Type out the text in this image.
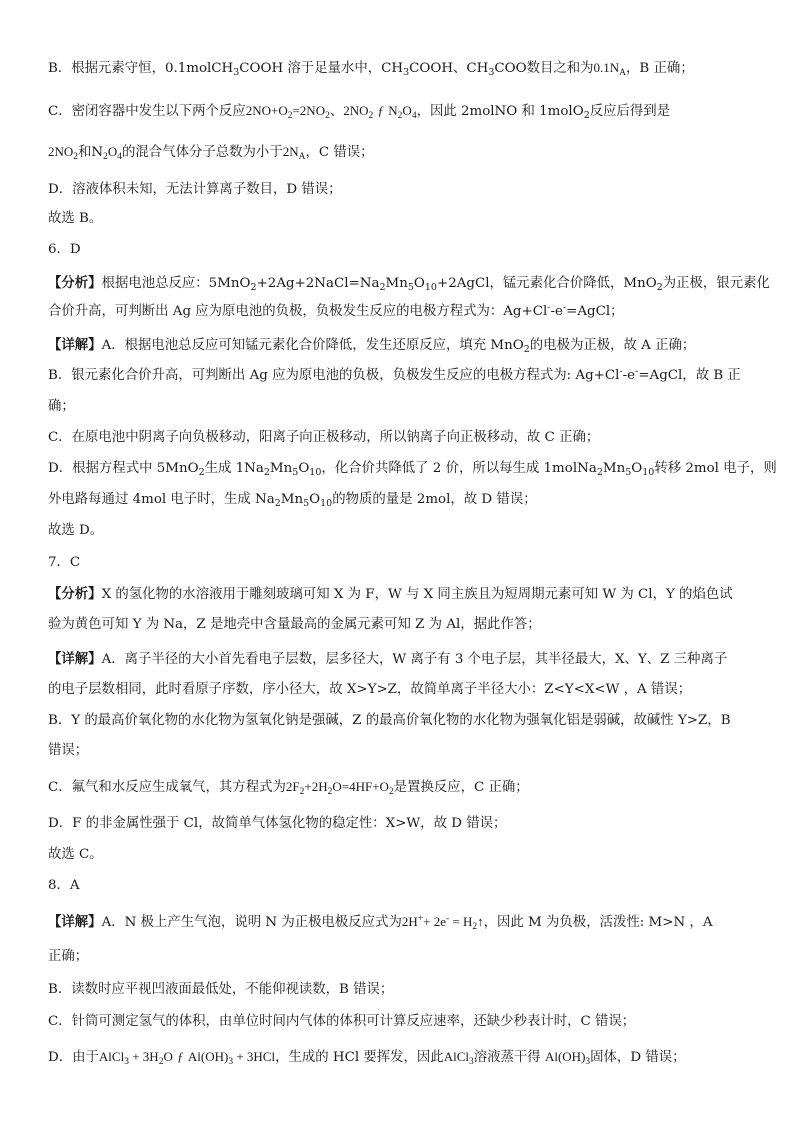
B．根据元素守恒，0.1molCH$_3$COOH 溶于足量水中，$CH_3COOH$、$CH_3COO$数目之和为$0.1N_A$，B 正确；
C．密闭容器中发生以下两个反应$2NO+O_2=2NO_2$、$2NO_2$ ƒ $N_2O_4$，因此 2molNO 和 1molO$_2$反应后得到是
$2NO_2$和$N_2O_4$的混合气体分子总数为小于$2N_A$，C 错误；
D．溶液体积未知，无法计算离子数目，D 错误；
故选 B。
6．D
【分析】根据电池总反应：$5MnO_2+2Ag+2NaCl=Na_2Mn_5O_{10}+2AgCl$，锰元素化合价降低，MnO$_2$为正极，银元素化
合价升高，可判断出 Ag 应为原电池的负极，负极发生反应的电极方程式为：Ag+Cl--e-=AgCl；
【详解】A．根据电池总反应可知锰元素化合价降低，发生还原反应，填充 MnO$_2$的电极为正极，故 A 正确；
B．银元素化合价升高，可判断出 Ag 应为原电池的负极，负极发生反应的电极方程式为: Ag+Cl--e-=AgCl，故 B 正
确；
C．在原电池中阴离子向负极移动，阳离子向正极移动，所以钠离子向正极移动，故 C 正确；
D．根据方程式中 5MnO$_2$生成 $1Na_2Mn_5O_{10}$，化合价共降低了 2 价，所以每生成 $1molNa_2Mn_5O_{10}$转移 2mol 电子，则
外电路每通过 4mol 电子时，生成 $Na_2Mn_5O_{10}$的物质的量是 2mol，故 D 错误；
故选 D。
7．C
【分析】X 的氢化物的水溶液用于雕刻玻璃可知 X 为 F，W 与 X 同主族且为短周期元素可知 W 为 Cl，Y 的焰色试
验为黄色可知 Y 为 Na，Z 是地壳中含量最高的金属元素可知 Z 为 Al，据此作答；
【详解】A．离子半径的大小首先看电子层数，层多径大，W 离子有 3 个电子层，其半径最大，X、Y、Z 三种离子
的电子层数相同，此时看原子序数，序小径大，故 X>Y>Z，故简单离子半径大小：Z<Y<X<W ，A 错误；
B．Y 的最高价氧化物的水化物为氢氧化钠是强碱，Z 的最高价氧化物的水化物为强氧化铝是弱碱，故碱性 Y>Z，B
错误；
C．氟气和水反应生成氧气，其方程式为$2F_2+2H_2O=4HF+O_2$是置换反应，C 正确；
D．F 的非金属性强于 Cl，故简单气体氢化物的稳定性：X>W，故 D 错误；
故选 C。
8．A
【详解】A．N 极上产生气泡，说明 N 为正极电极反应式为$2H^++ 2e^- = H_2↑$，因此 M 为负极，活泼性: M>N ，A
正确；
B．读数时应平视凹液面最低处，不能仰视读数，B 错误；
C．针筒可测定氢气的体积，由单位时间内气体的体积可计算反应速率，还缺少秒表计时，C 错误；
D．由于AlCl$_3$ + $3H_2O$ ƒ $Al(OH)_3 + 3HCl$，生成的 HCl 要挥发，因此AlCl$_3$溶液蒸干得 $Al(OH)_3$固体，D 错误；
